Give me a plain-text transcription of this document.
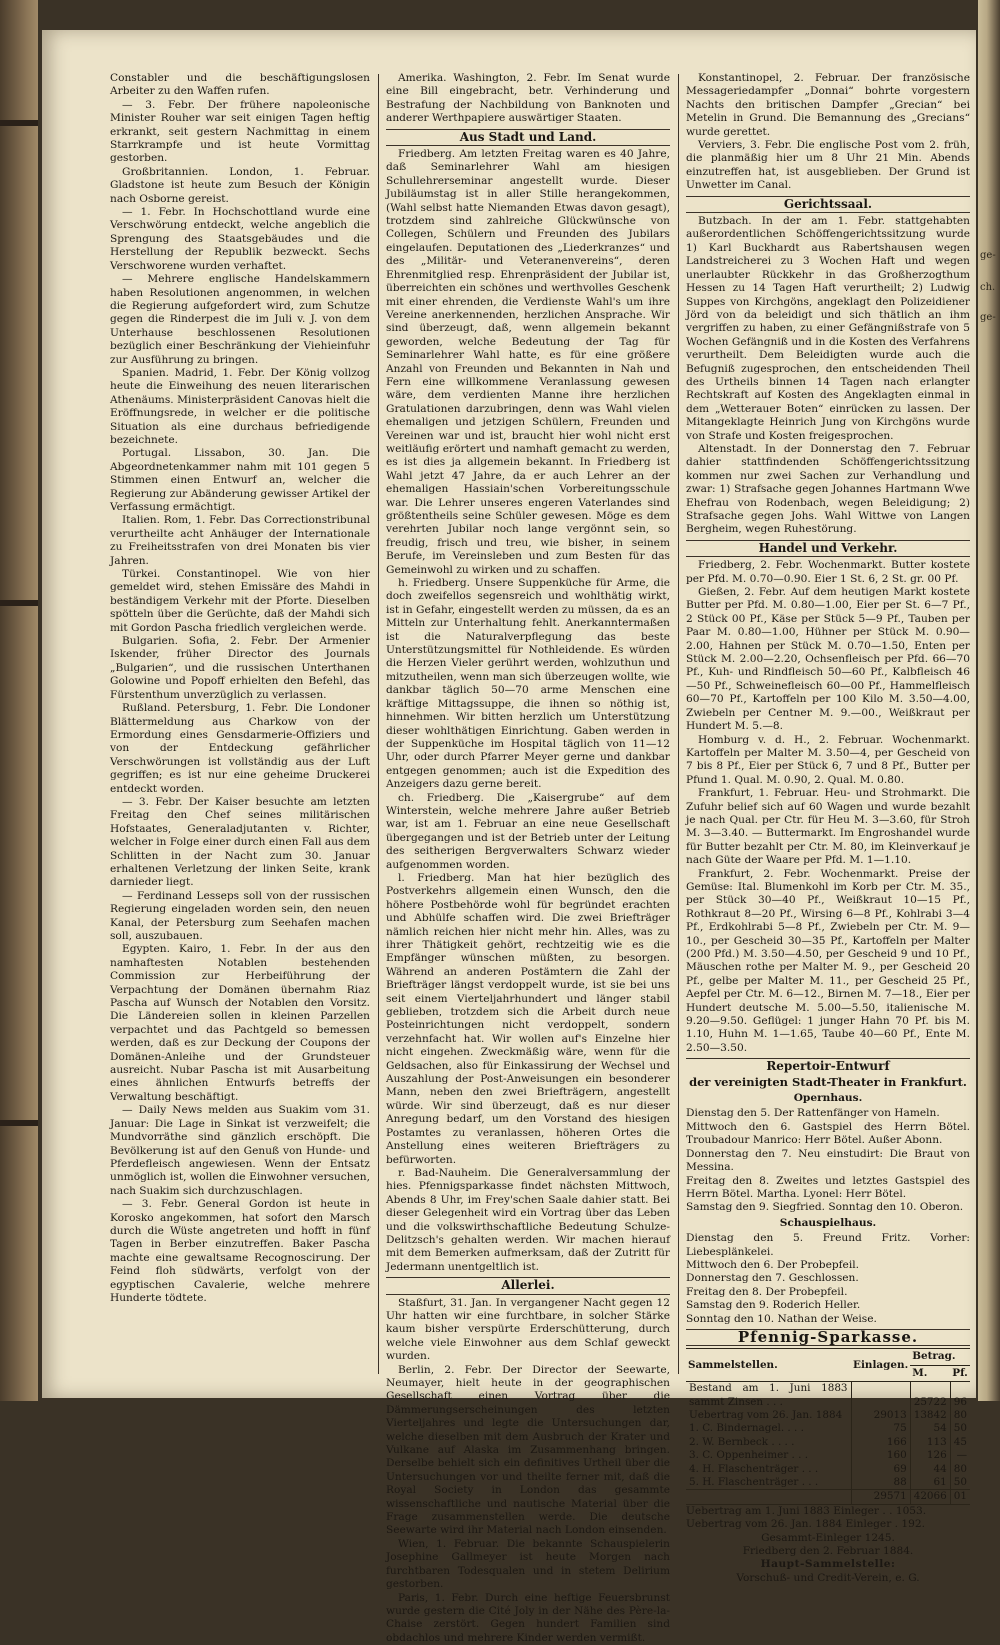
ge-
ch.
ge-

Constabler und die beschäftigungslosen Arbeiter zu den Waffen rufen.

— 3. Febr. Der frühere napoleonische Minister Rouher war seit einigen Tagen heftig erkrankt, seit gestern Nachmittag in einem Starrkrampfe und ist heute Vormittag gestorben.

Großbritannien. London, 1. Februar. Gladstone ist heute zum Besuch der Königin nach Osborne gereist.

— 1. Febr. In Hochschottland wurde eine Verschwörung entdeckt, welche angeblich die Sprengung des Staatsgebäudes und die Herstellung der Republik bezweckt. Sechs Verschworene wurden verhaftet.

— Mehrere englische Handelskammern haben Resolutionen angenommen, in welchen die Regierung aufgefordert wird, zum Schutze gegen die Rinderpest die im Juli v. J. von dem Unterhause beschlossenen Resolutionen bezüglich einer Beschränkung der Viehieinfuhr zur Ausführung zu bringen.

Spanien. Madrid, 1. Febr. Der König vollzog heute die Einweihung des neuen literarischen Athenäums. Ministerpräsident Canovas hielt die Eröffnungsrede, in welcher er die politische Situation als eine durchaus befriedigende bezeichnete.

Portugal. Lissabon, 30. Jan. Die Abgeordnetenkammer nahm mit 101 gegen 5 Stimmen einen Entwurf an, welcher die Regierung zur Abänderung gewisser Artikel der Verfassung ermächtigt.

Italien. Rom, 1. Febr. Das Correctionstribunal verurtheilte acht Anhäuger der Internationale zu Freiheitsstrafen von drei Monaten bis vier Jahren.

Türkei. Constantinopel. Wie von hier gemeldet wird, stehen Emissäre des Mahdi in beständigem Verkehr mit der Pforte. Dieselben spötteln über die Gerüchte, daß der Mahdi sich mit Gordon Pascha friedlich vergleichen werde.

Bulgarien. Sofia, 2. Febr. Der Armenier Iskender, früher Director des Journals „Bulgarien“, und die russischen Unterthanen Golowine und Popoff erhielten den Befehl, das Fürstenthum unverzüglich zu verlassen.

Rußland. Petersburg, 1. Febr. Die Londoner Blättermeldung aus Charkow von der Ermordung eines Gensdarmerie-Offiziers und von der Entdeckung gefährlicher Verschwörungen ist vollständig aus der Luft gegriffen; es ist nur eine geheime Druckerei entdeckt worden.

— 3. Febr. Der Kaiser besuchte am letzten Freitag den Chef seines militärischen Hofstaates, Generaladjutanten v. Richter, welcher in Folge einer durch einen Fall aus dem Schlitten in der Nacht zum 30. Januar erhaltenen Verletzung der linken Seite, krank darnieder liegt.

— Ferdinand Lesseps soll von der russischen Regierung eingeladen worden sein, den neuen Kanal, der Petersburg zum Seehafen machen soll, auszubauen.

Egypten. Kairo, 1. Febr. In der aus den namhaftesten Notablen bestehenden Commission zur Herbeiführung der Verpachtung der Domänen übernahm Riaz Pascha auf Wunsch der Notablen den Vorsitz. Die Ländereien sollen in kleinen Parzellen verpachtet und das Pachtgeld so bemessen werden, daß es zur Deckung der Coupons der Domänen-Anleihe und der Grundsteuer ausreicht. Nubar Pascha ist mit Ausarbeitung eines ähnlichen Entwurfs betreffs der Verwaltung beschäftigt.

— Daily News melden aus Suakim vom 31. Januar: Die Lage in Sinkat ist verzweifelt; die Mundvorräthe sind gänzlich erschöpft. Die Bevölkerung ist auf den Genuß von Hunde- und Pferdefleisch angewiesen. Wenn der Entsatz unmöglich ist, wollen die Einwohner versuchen, nach Suakim sich durchzuschlagen.

— 3. Febr. General Gordon ist heute in Korosko angekommen, hat sofort den Marsch durch die Wüste angetreten und hofft in fünf Tagen in Berber einzutreffen. Baker Pascha machte eine gewaltsame Recognoscirung. Der Feind floh südwärts, verfolgt von der egyptischen Cavalerie, welche mehrere Hunderte tödtete.

Amerika. Washington, 2. Febr. Im Senat wurde eine Bill eingebracht, betr. Verhinderung und Bestrafung der Nachbildung von Banknoten und anderer Werthpapiere auswärtiger Staaten.

Aus Stadt und Land.

Friedberg. Am letzten Freitag waren es 40 Jahre, daß Seminarlehrer Wahl am hiesigen Schullehrerseminar angestellt wurde. Dieser Jubiläumstag ist in aller Stille herangekommen, (Wahl selbst hatte Niemanden Etwas davon gesagt), trotzdem sind zahlreiche Glückwünsche von Collegen, Schülern und Freunden des Jubilars eingelaufen. Deputationen des „Liederkranzes“ und des „Militär- und Veteranenvereins“, deren Ehrenmitglied resp. Ehrenpräsident der Jubilar ist, überreichten ein schönes und werthvolles Geschenk mit einer ehrenden, die Verdienste Wahl's um ihre Vereine anerkennenden, herzlichen Ansprache. Wir sind überzeugt, daß, wenn allgemein bekannt geworden, welche Bedeutung der Tag für Seminarlehrer Wahl hatte, es für eine größere Anzahl von Freunden und Bekannten in Nah und Fern eine willkommene Veranlassung gewesen wäre, dem verdienten Manne ihre herzlichen Gratulationen darzubringen, denn was Wahl vielen ehemaligen und jetzigen Schülern, Freunden und Vereinen war und ist, braucht hier wohl nicht erst weitläufig erörtert und namhaft gemacht zu werden, es ist dies ja allgemein bekannt. In Friedberg ist Wahl jetzt 47 Jahre, da er auch Lehrer an der ehemaligen Hassiain'schen Vorbereitungsschule war. Die Lehrer unseres engeren Vaterlandes sind größtentheils seine Schüler gewesen. Möge es dem verehrten Jubilar noch lange vergönnt sein, so freudig, frisch und treu, wie bisher, in seinem Berufe, im Vereinsleben und zum Besten für das Gemeinwohl zu wirken und zu schaffen.

h. Friedberg. Unsere Suppenküche für Arme, die doch zweifellos segensreich und wohlthätig wirkt, ist in Gefahr, eingestellt werden zu müssen, da es an Mitteln zur Unterhaltung fehlt. Anerkanntermaßen ist die Naturalverpflegung das beste Unterstützungsmittel für Nothleidende. Es würden die Herzen Vieler gerührt werden, wohlzuthun und mitzutheilen, wenn man sich überzeugen wollte, wie dankbar täglich 50—70 arme Menschen eine kräftige Mittagssuppe, die ihnen so nöthig ist, hinnehmen. Wir bitten herzlich um Unterstützung dieser wohlthätigen Einrichtung. Gaben werden in der Suppenküche im Hospital täglich von 11—12 Uhr, oder durch Pfarrer Meyer gerne und dankbar entgegen genommen; auch ist die Expedition des Anzeigers dazu gerne bereit.

ch. Friedberg. Die „Kaisergrube“ auf dem Winterstein, welche mehrere Jahre außer Betrieb war, ist am 1. Februar an eine neue Gesellschaft übergegangen und ist der Betrieb unter der Leitung des seitherigen Bergverwalters Schwarz wieder aufgenommen worden.

l. Friedberg. Man hat hier bezüglich des Postverkehrs allgemein einen Wunsch, den die höhere Postbehörde wohl für begründet erachten und Abhülfe schaffen wird. Die zwei Briefträger nämlich reichen hier nicht mehr hin. Alles, was zu ihrer Thätigkeit gehört, rechtzeitig wie es die Empfänger wünschen müßten, zu besorgen. Während an anderen Postämtern die Zahl der Briefträger längst verdoppelt wurde, ist sie bei uns seit einem Vierteljahrhundert und länger stabil geblieben, trotzdem sich die Arbeit durch neue Posteinrichtungen nicht verdoppelt, sondern verzehnfacht hat. Wir wollen auf's Einzelne hier nicht eingehen. Zweckmäßig wäre, wenn für die Geldsachen, also für Einkassirung der Wechsel und Auszahlung der Post-Anweisungen ein besonderer Mann, neben den zwei Briefträgern, angestellt würde. Wir sind überzeugt, daß es nur dieser Anregung bedarf, um den Vorstand des hiesigen Postamtes zu veranlassen, höheren Ortes die Anstellung eines weiteren Briefträgers zu befürworten.

r. Bad-Nauheim. Die Generalversammlung der hies. Pfennigsparkasse findet nächsten Mittwoch, Abends 8 Uhr, im Frey'schen Saale dahier statt. Bei dieser Gelegenheit wird ein Vortrag über das Leben und die volkswirthschaftliche Bedeutung Schulze-Delitzsch's gehalten werden. Wir machen hierauf mit dem Bemerken aufmerksam, daß der Zutritt für Jedermann unentgeltlich ist.

Allerlei.

Staßfurt, 31. Jan. In vergangener Nacht gegen 12 Uhr hatten wir eine furchtbare, in solcher Stärke kaum bisher verspürte Erderschütterung, durch welche viele Einwohner aus dem Schlaf geweckt wurden.

Berlin, 2. Febr. Der Director der Seewarte, Neumayer, hielt heute in der geographischen Gesellschaft einen Vortrag über die Dämmerungserscheinungen des letzten Vierteljahres und legte die Untersuchungen dar, welche dieselben mit dem Ausbruch der Krater und Vulkane auf Alaska im Zusammenhang bringen. Derselbe behielt sich ein definitives Urtheil über die Untersuchungen vor und theilte ferner mit, daß die Royal Society in London das gesammte wissenschaftliche und nautische Material über die Frage zusammenstellen werde. Die deutsche Seewarte wird ihr Material nach London einsenden.

Wien, 1. Februar. Die bekannte Schauspielerin Josephine Gallmeyer ist heute Morgen nach furchtbaren Todesqualen und in stetem Delirium gestorben.

Paris, 1. Febr. Durch eine heftige Feuersbrunst wurde gestern die Cité Joly in der Nähe des Père-la-Chaise zerstört. Gegen hundert Familien sind obdachlos und mehrere Kinder werden vermißt.

Konstantinopel, 2. Februar. Der französische Messageriedampfer „Donnai“ bohrte vorgestern Nachts den britischen Dampfer „Grecian“ bei Metelin in Grund. Die Bemannung des „Grecians“ wurde gerettet.

Verviers, 3. Febr. Die englische Post vom 2. früh, die planmäßig hier um 8 Uhr 21 Min. Abends einzutreffen hat, ist ausgeblieben. Der Grund ist Unwetter im Canal.

Gerichtssaal.

Butzbach. In der am 1. Febr. stattgehabten außerordentlichen Schöffengerichtssitzung wurde 1) Karl Buckhardt aus Rabertshausen wegen Landstreicherei zu 3 Wochen Haft und wegen unerlaubter Rückkehr in das Großherzogthum Hessen zu 14 Tagen Haft verurtheilt; 2) Ludwig Suppes von Kirchgöns, angeklagt den Polizeidiener Jörd von da beleidigt und sich thätlich an ihm vergriffen zu haben, zu einer Gefängnißstrafe von 5 Wochen Gefängniß und in die Kosten des Verfahrens verurtheilt. Dem Beleidigten wurde auch die Befugniß zugesprochen, den entscheidenden Theil des Urtheils binnen 14 Tagen nach erlangter Rechtskraft auf Kosten des Angeklagten einmal in dem „Wetterauer Boten“ einrücken zu lassen. Der Mitangeklagte Heinrich Jung von Kirchgöns wurde von Strafe und Kosten freigesprochen.

Altenstadt. In der Donnerstag den 7. Februar dahier stattfindenden Schöffengerichtssitzung kommen nur zwei Sachen zur Verhandlung und zwar: 1) Strafsache gegen Johannes Hartmann Wwe Ehefrau von Rodenbach, wegen Beleidigung; 2) Strafsache gegen Johs. Wahl Wittwe von Langen Bergheim, wegen Ruhestörung.

Handel und Verkehr.

Friedberg, 2. Febr. Wochenmarkt. Butter kostete per Pfd. M. 0.70—0.90. Eier 1 St. 6, 2 St. gr. 00 Pf.

Gießen, 2. Febr. Auf dem heutigen Markt kostete Butter per Pfd. M. 0.80—1.00, Eier per St. 6—7 Pf., 2 Stück 00 Pf., Käse per Stück 5—9 Pf., Tauben per Paar M. 0.80—1.00, Hühner per Stück M. 0.90—2.00, Hahnen per Stück M. 0.70—1.50, Enten per Stück M. 2.00—2.20, Ochsenfleisch per Pfd. 66—70 Pf., Kuh- und Rindfleisch 50—60 Pf., Kalbfleisch 46—50 Pf., Schweinefleisch 60—00 Pf., Hammelfleisch 60—70 Pf., Kartoffeln per 100 Kilo M. 3.50—4.00, Zwiebeln per Centner M. 9.—00., Weißkraut per Hundert M. 5.—8.

Homburg v. d. H., 2. Februar. Wochenmarkt. Kartoffeln per Malter M. 3.50—4, per Gescheid von 7 bis 8 Pf., Eier per Stück 6, 7 und 8 Pf., Butter per Pfund 1. Qual. M. 0.90, 2. Qual. M. 0.80.

Frankfurt, 1. Februar. Heu- und Strohmarkt. Die Zufuhr belief sich auf 60 Wagen und wurde bezahlt je nach Qual. per Ctr. für Heu M. 3—3.60, für Stroh M. 3—3.40. — Buttermarkt. Im Engroshandel wurde für Butter bezahlt per Ctr. M. 80, im Kleinverkauf je nach Güte der Waare per Pfd. M. 1—1.10.

Frankfurt, 2. Febr. Wochenmarkt. Preise der Gemüse: Ital. Blumenkohl im Korb per Ctr. M. 35., per Stück 30—40 Pf., Weißkraut 10—15 Pf., Rothkraut 8—20 Pf., Wirsing 6—8 Pf., Kohlrabi 3—4 Pf., Erdkohlrabi 5—8 Pf., Zwiebeln per Ctr. M. 9—10., per Gescheid 30—35 Pf., Kartoffeln per Malter (200 Pfd.) M. 3.50—4.50, per Gescheid 9 und 10 Pf., Mäuschen rothe per Malter M. 9., per Gescheid 20 Pf., gelbe per Malter M. 11., per Gescheid 25 Pf., Aepfel per Ctr. M. 6—12., Birnen M. 7—18., Eier per Hundert deutsche M. 5.00—5.50, italienische M. 9.20—9.50. Geflügel: 1 junger Hahn 70 Pf. bis M. 1.10, Huhn M. 1—1.65, Taube 40—60 Pf., Ente M. 2.50—3.50.

Repertoir-Entwurf
der vereinigten Stadt-Theater in Frankfurt.
Opernhaus.

Dienstag den 5. Der Rattenfänger von Hameln.

Mittwoch den 6. Gastspiel des Herrn Bötel. Troubadour Manrico: Herr Bötel. Außer Abonn.

Donnerstag den 7. Neu einstudirt: Die Braut von Messina.

Freitag den 8. Zweites und letztes Gastspiel des Herrn Bötel. Martha. Lyonel: Herr Bötel.

Samstag den 9. Siegfried. Sonntag den 10. Oberon.

Schauspielhaus.

Dienstag den 5. Freund Fritz. Vorher: Liebesplänkelei.

Mittwoch den 6. Der Probepfeil.

Donnerstag den 7. Geschlossen.

Freitag den 8. Der Probepfeil.

Samstag den 9. Roderich Heller.

Sonntag den 10. Nathan der Weise.

Pfennig-Sparkasse.
Sammelstellen.	Einlagen.	Betrag.	
		M.	Pf.
Bestand am 1. Juni 1883 sammt Zinsen . . .		25722	96
Uebertrag vom 26. Jan. 1884	29013	13842	80
1. C. Bindernagel. . . .	75	54	50
2. W. Bernbeck . . . .	166	113	45
3. C. Oppenheimer . . .	160	126	—
4. H. Flaschenträger . . .	69	44	80
5. H. Flaschenträger . . .	88	61	50
	29571	42066	01

Uebertrag am 1. Juni 1883 Einleger . . 1053.

Uebertrag vom 26. Jan. 1884 Einleger . 192.

Gesammt-Einleger 1245.

Friedberg den 2. Februar 1884.

Haupt-Sammelstelle:

Vorschuß- und Credit-Verein, e. G.
